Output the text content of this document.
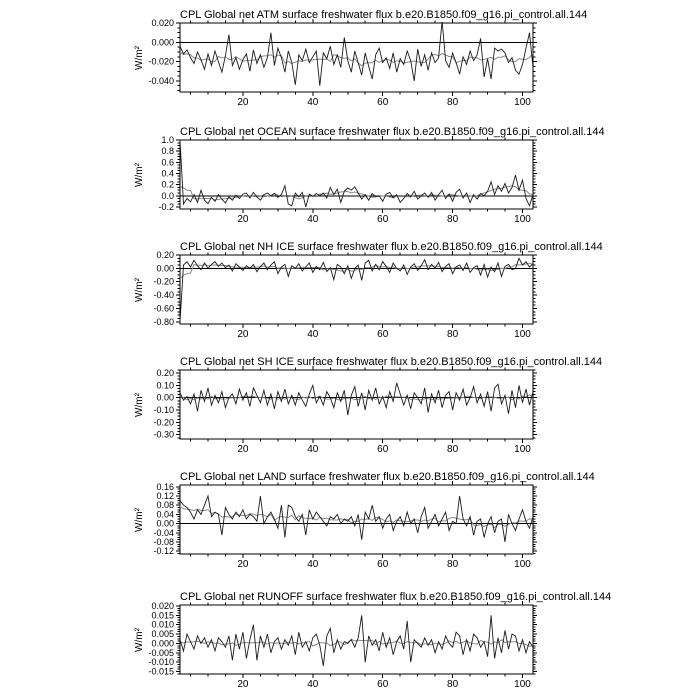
20	40	60	80	100
0.020
0.000
-0.020
-0.040
20	40	60	80	100
1.0
0.8
0.6
0.4
0.2
0.0
-0.2
20	40	60	80	100
0.20
0.00
-0.20
-0.40
-0.60
-0.80
20	40	60	80	100
0.20
0.10
0.00
-0.10
-0.20
-0.30
20	40	60	80	100
0.16
0.12
0.08
0.04
0.00
-0.04
-0.08
-0.12
20	40	60	80	100
0.020
0.015
0.010
0.005
0.000
-0.005
-0.010
-0.015
CPL Global net ATM surface freshwater flux b.e20.B1850.f09_g16.pi_control.all.144
CPL Global net OCEAN surface freshwater flux b.e20.B1850.f09_g16.pi_control.all.144
CPL Global net NH ICE surface freshwater flux b.e20.B1850.f09_g16.pi_control.all.144
CPL Global net SH ICE surface freshwater flux b.e20.B1850.f09_g16.pi_control.all.144
CPL Global net LAND surface freshwater flux b.e20.B1850.f09_g16.pi_control.all.144
CPL Global net RUNOFF surface freshwater flux b.e20.B1850.f09_g16.pi_control.all.144
W/m²
W/m²
W/m²
W/m²
W/m²
W/m²
